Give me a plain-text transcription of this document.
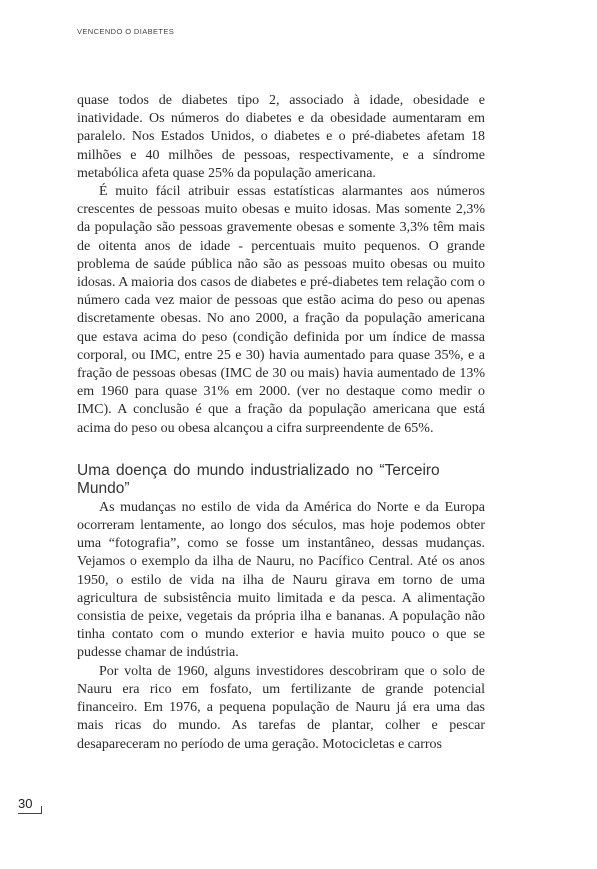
VENCENDO O DIABETES

quase todos de diabetes tipo 2, associado à idade, obesidade e inatividade. Os números do diabetes e da obesidade aumentaram em paralelo. Nos Estados Unidos, o diabetes e o pré-diabetes afetam 18 milhões e 40 milhões de pessoas, respectivamente, e a síndrome metabólica afeta quase 25% da população americana.

É muito fácil atribuir essas estatísticas alarmantes aos números crescentes de pessoas muito obesas e muito idosas. Mas somente 2,3% da população são pessoas gravemente obesas e somente 3,3% têm mais de oitenta anos de idade - percentuais muito pequenos. O grande problema de saúde pública não são as pessoas muito obesas ou muito idosas. A maioria dos casos de diabetes e pré-diabetes tem relação com o número cada vez maior de pessoas que estão acima do peso ou apenas discretamente obesas. No ano 2000, a fração da população americana que estava acima do peso (condição definida por um índice de massa corporal, ou IMC, entre 25 e 30) havia aumentado para quase 35%, e a fração de pessoas obesas (IMC de 30 ou mais) havia aumentado de 13% em 1960 para quase 31% em 2000. (ver no destaque como medir o IMC). A conclusão é que a fração da população americana que está acima do peso ou obesa alcançou a cifra surpreendente de 65%.

Uma doença do mundo industrializado no “Terceiro Mundo”

As mudanças no estilo de vida da América do Norte e da Europa ocorreram lentamente, ao longo dos séculos, mas hoje podemos obter uma “fotografia”, como se fosse um instantâneo, dessas mudanças. Vejamos o exemplo da ilha de Nauru, no Pacífico Central. Até os anos 1950, o estilo de vida na ilha de Nauru girava em torno de uma agricultura de subsistência muito limitada e da pesca. A alimentação consistia de peixe, vegetais da própria ilha e bananas. A população não tinha contato com o mundo exterior e havia muito pouco o que se pudesse chamar de indústria.

Por volta de 1960, alguns investidores descobriram que o solo de Nauru era rico em fosfato, um fertilizante de grande potencial financeiro. Em 1976, a pequena população de Nauru já era uma das mais ricas do mundo. As tarefas de plantar, colher e pescar desapareceram no período de uma geração. Motocicletas e carros

30
